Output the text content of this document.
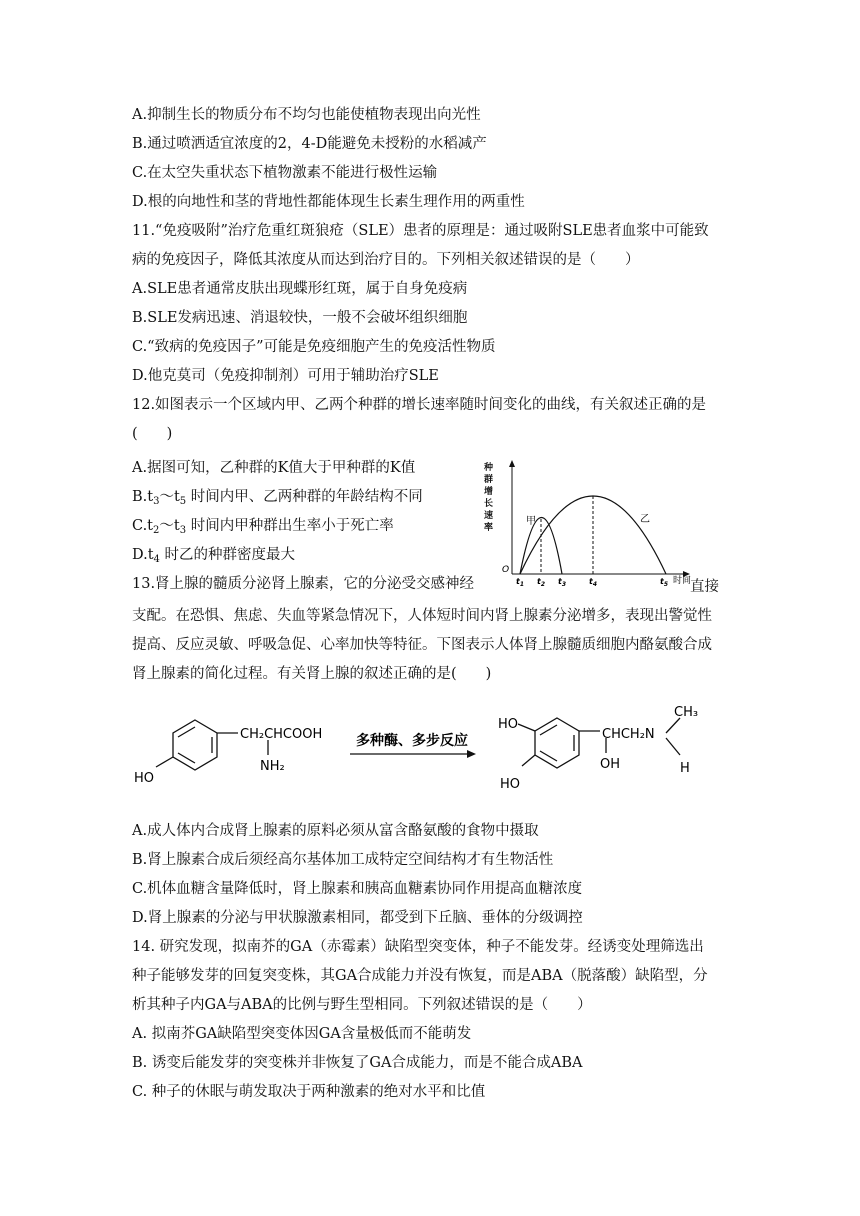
A.抑制生长的物质分布不均匀也能使植物表现出向光性
B.通过喷洒适宜浓度的2，4-D能避免未授粉的水稻减产
C.在太空失重状态下植物激素不能进行极性运输
D.根的向地性和茎的背地性都能体现生长素生理作用的两重性
11.“免疫吸附”治疗危重红斑狼疮（SLE）患者的原理是：通过吸附SLE患者血浆中可能致
病的免疫因子，降低其浓度从而达到治疗目的。下列相关叙述错误的是（　　）
A.SLE患者通常皮肤出现蝶形红斑，属于自身免疫病
B.SLE发病迅速、消退较快，一般不会破坏组织细胞
C.“致病的免疫因子”可能是免疫细胞产生的免疫活性物质
D.他克莫司（免疫抑制剂）可用于辅助治疗SLE
12.如图表示一个区域内甲、乙两个种群的增长速率随时间变化的曲线，有关叙述正确的是
(　　)
A.据图可知，乙种群的K值大于甲种群的K值
$B.t_3\sim t_5$ 时间内甲、乙两种群的年龄结构不同
$C.t_2\sim t_3$ 时间内甲种群出生率小于死亡率
$D.t_4$ 时乙的种群密度最大
13.肾上腺的髓质分泌肾上腺素，它的分泌受交感神经	直接
支配。在恐惧、焦虑、失血等紧急情况下，人体短时间内肾上腺素分泌增多，表现出警觉性
提高、反应灵敏、呼吸急促、心率加快等特征。下图表示人体肾上腺髓质细胞内酪氨酸合成
肾上腺素的简化过程。有关肾上腺的叙述正确的是(　　)
A.成人体内合成肾上腺素的原料必须从富含酪氨酸的食物中摄取
B.肾上腺素合成后须经高尔基体加工成特定空间结构才有生物活性
C.机体血糖含量降低时，肾上腺素和胰高血糖素协同作用提高血糖浓度
D.肾上腺素的分泌与甲状腺激素相同，都受到下丘脑、垂体的分级调控
14. 研究发现，拟南芥的GA（赤霉素）缺陷型突变体，种子不能发芽。经诱变处理筛选出
种子能够发芽的回复突变株，其GA合成能力并没有恢复，而是ABA（脱落酸）缺陷型，分
析其种子内GA与ABA的比例与野生型相同。下列叙述错误的是（　　）
A. 拟南芥GA缺陷型突变体因GA含量极低而不能萌发
B. 诱变后能发芽的突变株并非恢复了GA合成能力，而是不能合成ABA
C. 种子的休眠与萌发取决于两种激素的绝对水平和比值
种
群
增
长
速
率
O
时间
甲	乙
$t_1$ $t_2$ $t_3$	$t_4$	$t_5$
CH₂CHCOOH
NH₂
HO
多种酶、多步反应
HO
HO
CHCH₂N
OH
CH₃
H
